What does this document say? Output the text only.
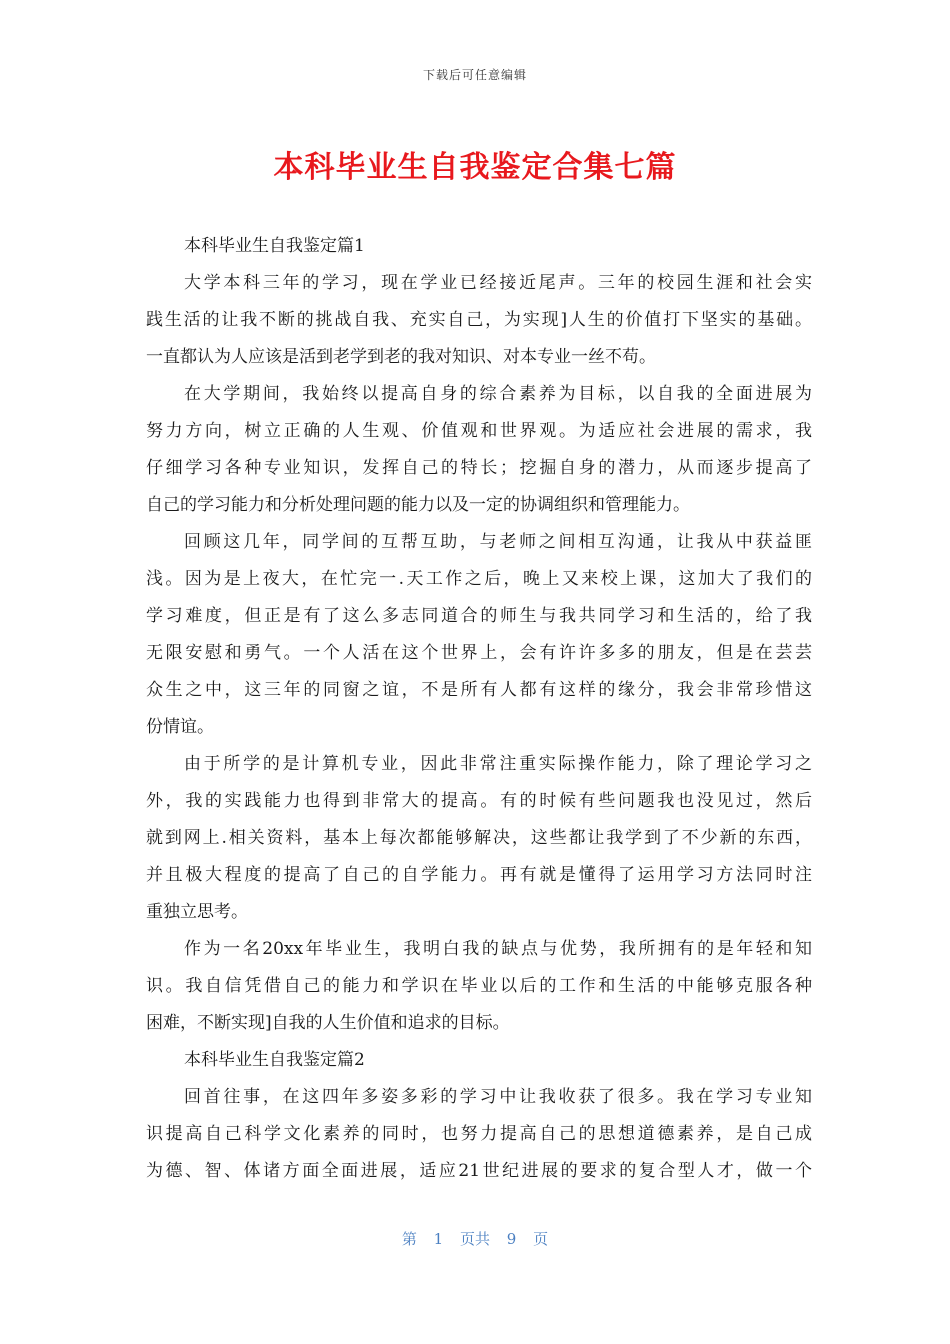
下载后可任意编辑
本科毕业生自我鉴定合集七篇
本科毕业生自我鉴定篇1
大学本科三年的学习，现在学业已经接近尾声。三年的校园生涯和社会实
践生活的让我不断的挑战自我、充实自己，为实现]人生的价值打下坚实的基础。
一直都认为人应该是活到老学到老的我对知识、对本专业一丝不苟。
在大学期间，我始终以提高自身的综合素养为目标，以自我的全面进展为
努力方向，树立正确的人生观、价值观和世界观。为适应社会进展的需求，我
仔细学习各种专业知识，发挥自己的特长；挖掘自身的潜力，从而逐步提高了
自己的学习能力和分析处理问题的能力以及一定的协调组织和管理能力。
回顾这几年，同学间的互帮互助，与老师之间相互沟通，让我从中获益匪
浅。因为是上夜大，在忙完一.天工作之后，晚上又来校上课，这加大了我们的
学习难度，但正是有了这么多志同道合的师生与我共同学习和生活的，给了我
无限安慰和勇气。一个人活在这个世界上，会有许许多多的朋友，但是在芸芸
众生之中，这三年的同窗之谊，不是所有人都有这样的缘分，我会非常珍惜这
份情谊。
由于所学的是计算机专业，因此非常注重实际操作能力，除了理论学习之
外，我的实践能力也得到非常大的提高。有的时候有些问题我也没见过，然后
就到网上.相关资料，基本上每次都能够解决，这些都让我学到了不少新的东西，
并且极大程度的提高了自己的自学能力。再有就是懂得了运用学习方法同时注
重独立思考。
作为一名20xx年毕业生，我明白我的缺点与优势，我所拥有的是年轻和知
识。我自信凭借自己的能力和学识在毕业以后的工作和生活的中能够克服各种
困难，不断实现]自我的人生价值和追求的目标。
本科毕业生自我鉴定篇2
回首往事，在这四年多姿多彩的学习中让我收获了很多。我在学习专业知
识提高自己科学文化素养的同时，也努力提高自己的思想道德素养，是自己成
为德、智、体诸方面全面进展，适应21世纪进展的要求的复合型人才，做一个
第 1 页共 9 页
